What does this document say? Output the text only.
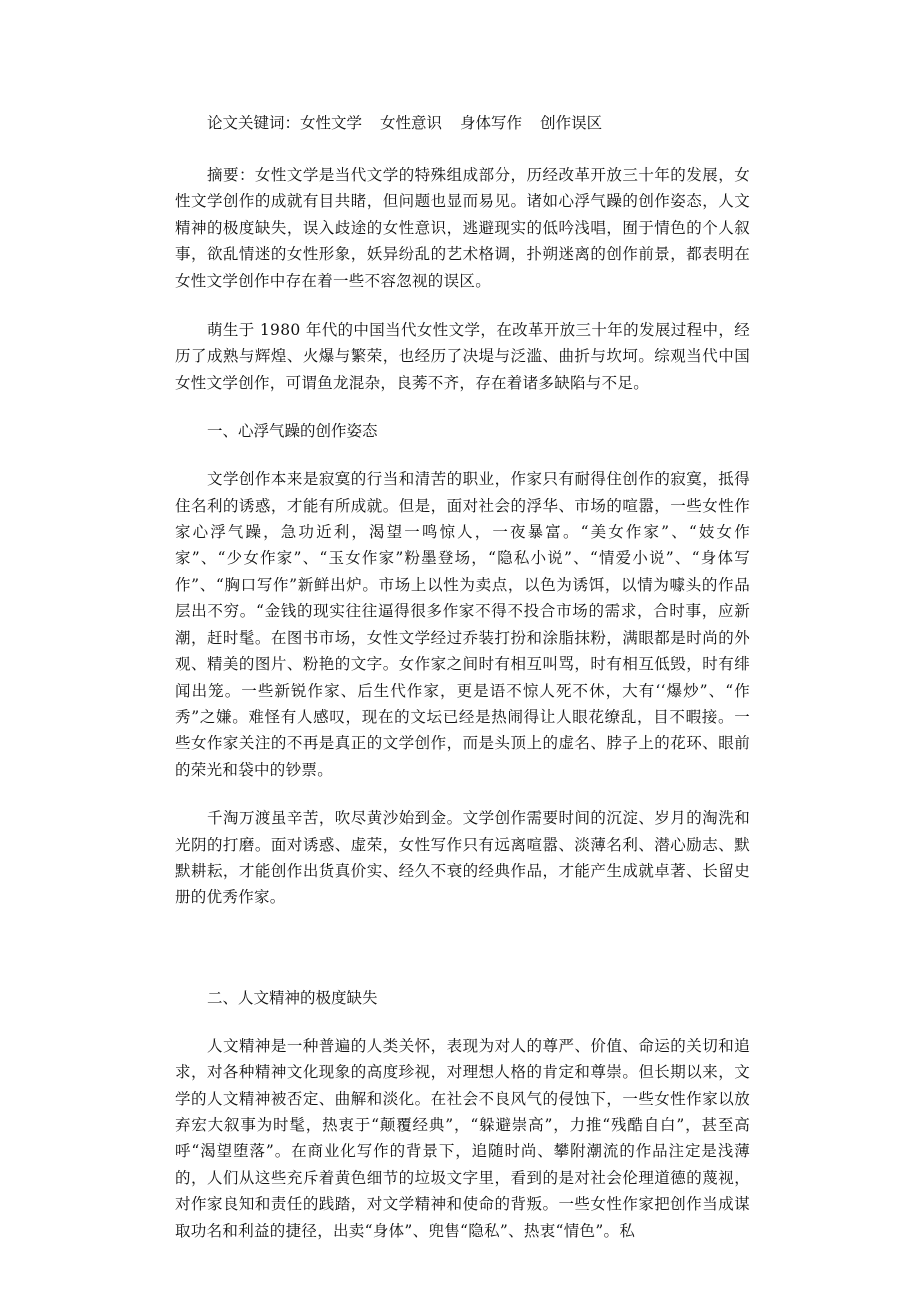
论文关键词：女性文学 女性意识 身体写作 创作误区

摘要：女性文学是当代文学的特殊组成部分，历经改革开放三十年的发展，女性文学创作的成就有目共睹，但问题也显而易见。诸如心浮气躁的创作姿态，人文精神的极度缺失，误入歧途的女性意识，逃避现实的低吟浅唱，囿于情色的个人叙事，欲乱情迷的女性形象，妖异纷乱的艺术格调，扑朔迷离的创作前景，都表明在女性文学创作中存在着一些不容忽视的误区。

萌生于 1980 年代的中国当代女性文学，在改革开放三十年的发展过程中，经历了成熟与辉煌、火爆与繁荣，也经历了决堤与泛滥、曲折与坎坷。综观当代中国女性文学创作，可谓鱼龙混杂，良莠不齐，存在着诸多缺陷与不足。

一、心浮气躁的创作姿态

文学创作本来是寂寞的行当和清苦的职业，作家只有耐得住创作的寂寞，抵得住名利的诱惑，才能有所成就。但是，面对社会的浮华、市场的喧嚣，一些女性作家心浮气躁，急功近利，渴望一鸣惊人，一夜暴富。“美女作家”、“妓女作家”、“少女作家”、“玉女作家”粉墨登场，“隐私小说”、“情爱小说”、“身体写作”、“胸口写作”新鲜出炉。市场上以性为卖点，以色为诱饵，以情为噱头的作品层出不穷。“金钱的现实往往逼得很多作家不得不投合市场的需求，合时事，应新潮，赶时髦。在图书市场，女性文学经过乔装打扮和涂脂抹粉，满眼都是时尚的外观、精美的图片、粉艳的文字。女作家之间时有相互叫骂，时有相互低毁，时有绯闻出笼。一些新锐作家、后生代作家，更是语不惊人死不休，大有‘‘爆炒”、“作秀”之嫌。难怪有人感叹，现在的文坛已经是热闹得让人眼花缭乱，目不暇接。一些女作家关注的不再是真正的文学创作，而是头顶上的虚名、脖子上的花环、眼前的荣光和袋中的钞票。

千淘万渡虽辛苦，吹尽黄沙始到金。文学创作需要时间的沉淀、岁月的淘洗和光阴的打磨。面对诱惑、虚荣，女性写作只有远离喧嚣、淡薄名利、潜心励志、默默耕耘，才能创作出货真价实、经久不衰的经典作品，才能产生成就卓著、长留史册的优秀作家。

二、人文精神的极度缺失

人文精神是一种普遍的人类关怀，表现为对人的尊严、价值、命运的关切和追求，对各种精神文化现象的高度珍视，对理想人格的肯定和尊崇。但长期以来，文学的人文精神被否定、曲解和淡化。在社会不良风气的侵蚀下，一些女性作家以放弃宏大叙事为时髦，热衷于“颠覆经典”，“躲避崇高”，力推“残酷自白”，甚至高呼“渴望堕落”。在商业化写作的背景下，追随时尚、攀附潮流的作品注定是浅薄的，人们从这些充斥着黄色细节的垃圾文字里，看到的是对社会伦理道德的蔑视，对作家良知和责任的践踏，对文学精神和使命的背叛。一些女性作家把创作当成谋取功名和利益的捷径，出卖“身体”、兜售“隐私”、热衷“情色”。私
